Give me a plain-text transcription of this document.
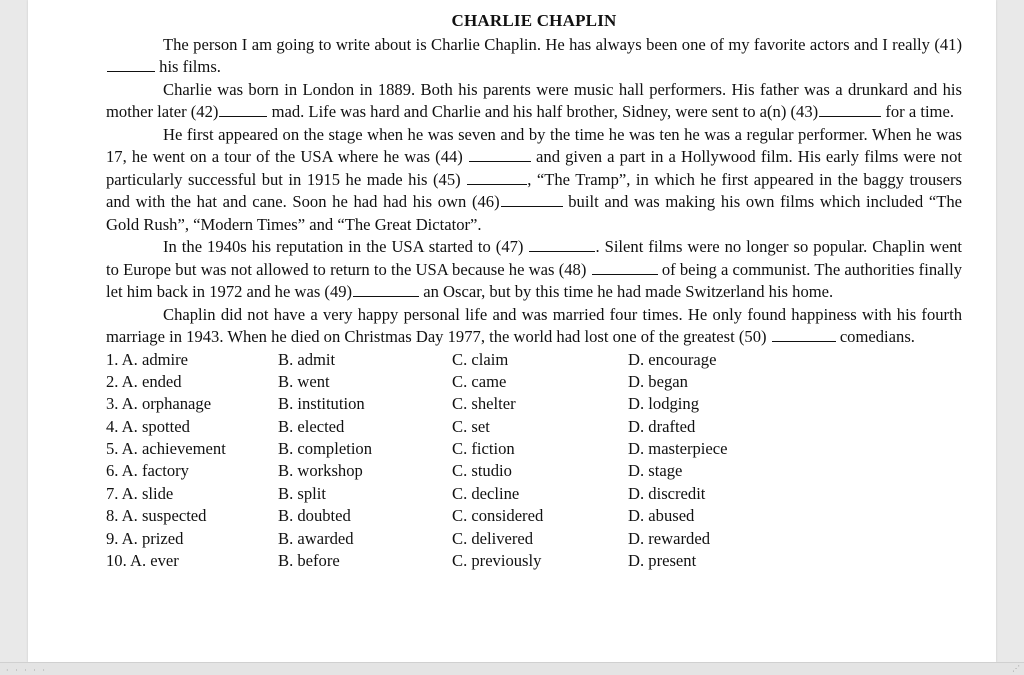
CHARLIE CHAPLIN

The person I am going to write about is Charlie Chaplin. He has always been one of my favorite actors and I really (41) his films.

Charlie was born in London in 1889. Both his parents were music hall performers. His father was a drunkard and his mother later (42)	mad. Life was hard and Charlie and his half brother, Sidney, were sent to a(n) (43)	for a time.

He first appeared on the stage when he was seven and by the time he was ten he was a regular performer. When he was 17, he went on a tour of the USA where he was (44)	and given a part in a Hollywood film. His early films were not particularly successful but in 1915 he made his (45)	, “The Tramp”, in which he first appeared in the baggy trousers and with the hat and cane. Soon he had had his own (46)	built and was making his own films which included “The Gold Rush”, “Modern Times” and “The Great Dictator”.

In the 1940s his reputation in the USA started to (47)	. Silent films were no longer so popular. Chaplin went to Europe but was not allowed to return to the USA because he was (48)	of being a communist. The authorities finally let him back in 1972 and he was (49)	an Oscar, but by this time he had made Switzerland his home.

Chaplin did not have a very happy personal life and was married four times. He only found happiness with his fourth marriage in 1943. When he died on Christmas Day 1977, the world had lost one of the greatest (50)	comedians.

1. A. admire	B. admit	C. claim	D. encourage
2. A. ended	B. went	C. came	D. began
3. A. orphanage	B. institution	C. shelter	D. lodging
4. A. spotted	B. elected	C. set	D. drafted
5. A. achievement	B. completion	C. fiction	D. masterpiece
6. A. factory	B. workshop	C. studio	D. stage
7. A. slide	B. split	C. decline	D. discredit
8. A. suspected	B. doubted	C. considered	D. abused
9. A. prized	B. awarded	C. delivered	D. rewarded
10. A. ever	B. before	C. previously	D. present
· · · · ·	⋰
